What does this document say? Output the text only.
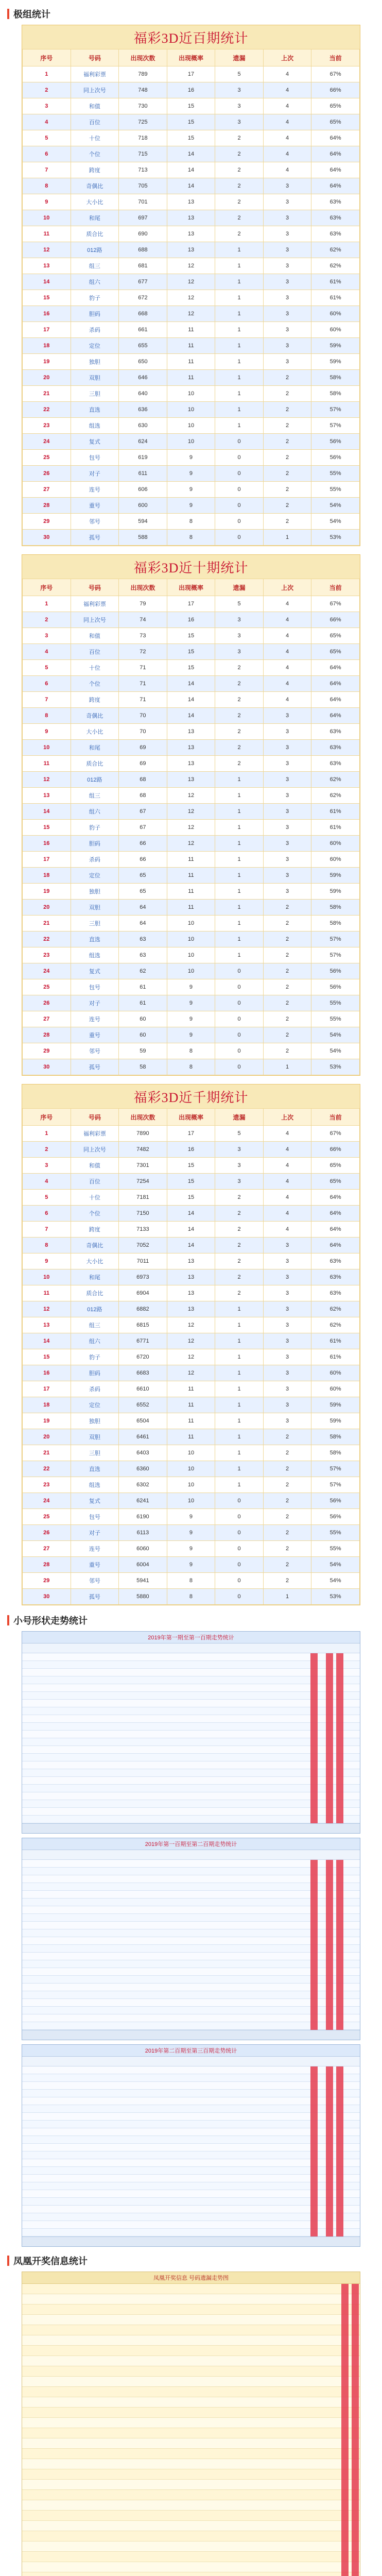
极组统计
福彩3D近百期统计
序号	号码	出现次数	出现概率	遗漏	上次	当前
1	福利彩票	789	17	5	4	67%
2	同上次号	748	16	3	4	66%
3	和值	730	15	3	4	65%
4	百位	725	15	3	4	65%
5	十位	718	15	2	4	64%
6	个位	715	14	2	4	64%
7	跨度	713	14	2	4	64%
8	奇偶比	705	14	2	3	64%
9	大小比	701	13	2	3	63%
10	和尾	697	13	2	3	63%
11	质合比	690	13	2	3	63%
12	012路	688	13	1	3	62%
13	组三	681	12	1	3	62%
14	组六	677	12	1	3	61%
15	豹子	672	12	1	3	61%
16	胆码	668	12	1	3	60%
17	杀码	661	11	1	3	60%
18	定位	655	11	1	3	59%
19	独胆	650	11	1	3	59%
20	双胆	646	11	1	2	58%
21	三胆	640	10	1	2	58%
22	直选	636	10	1	2	57%
23	组选	630	10	1	2	57%
24	复式	624	10	0	2	56%
25	包号	619	9	0	2	56%
26	对子	611	9	0	2	55%
27	连号	606	9	0	2	55%
28	重号	600	9	0	2	54%
29	邻号	594	8	0	2	54%
30	孤号	588	8	0	1	53%
福彩3D近十期统计
序号	号码	出现次数	出现概率	遗漏	上次	当前
1	福利彩票	79	17	5	4	67%
2	同上次号	74	16	3	4	66%
3	和值	73	15	3	4	65%
4	百位	72	15	3	4	65%
5	十位	71	15	2	4	64%
6	个位	71	14	2	4	64%
7	跨度	71	14	2	4	64%
8	奇偶比	70	14	2	3	64%
9	大小比	70	13	2	3	63%
10	和尾	69	13	2	3	63%
11	质合比	69	13	2	3	63%
12	012路	68	13	1	3	62%
13	组三	68	12	1	3	62%
14	组六	67	12	1	3	61%
15	豹子	67	12	1	3	61%
16	胆码	66	12	1	3	60%
17	杀码	66	11	1	3	60%
18	定位	65	11	1	3	59%
19	独胆	65	11	1	3	59%
20	双胆	64	11	1	2	58%
21	三胆	64	10	1	2	58%
22	直选	63	10	1	2	57%
23	组选	63	10	1	2	57%
24	复式	62	10	0	2	56%
25	包号	61	9	0	2	56%
26	对子	61	9	0	2	55%
27	连号	60	9	0	2	55%
28	重号	60	9	0	2	54%
29	邻号	59	8	0	2	54%
30	孤号	58	8	0	1	53%
福彩3D近千期统计
序号	号码	出现次数	出现概率	遗漏	上次	当前
1	福利彩票	7890	17	5	4	67%
2	同上次号	7482	16	3	4	66%
3	和值	7301	15	3	4	65%
4	百位	7254	15	3	4	65%
5	十位	7181	15	2	4	64%
6	个位	7150	14	2	4	64%
7	跨度	7133	14	2	4	64%
8	奇偶比	7052	14	2	3	64%
9	大小比	7011	13	2	3	63%
10	和尾	6973	13	2	3	63%
11	质合比	6904	13	2	3	63%
12	012路	6882	13	1	3	62%
13	组三	6815	12	1	3	62%
14	组六	6771	12	1	3	61%
15	豹子	6720	12	1	3	61%
16	胆码	6683	12	1	3	60%
17	杀码	6610	11	1	3	60%
18	定位	6552	11	1	3	59%
19	独胆	6504	11	1	3	59%
20	双胆	6461	11	1	2	58%
21	三胆	6403	10	1	2	58%
22	直选	6360	10	1	2	57%
23	组选	6302	10	1	2	57%
24	复式	6241	10	0	2	56%
25	包号	6190	9	0	2	56%
26	对子	6113	9	0	2	55%
27	连号	6060	9	0	2	55%
28	重号	6004	9	0	2	54%
29	邻号	5941	8	0	2	54%
30	孤号	5880	8	0	1	53%
小号形状走势统计
2019年第一期至第一百期走势统计
2019年第一百期至第二百期走势统计
2019年第二百期至第三百期走势统计
凤凰开奖信息统计
凤凰开奖信息 号码遗漏走势图
